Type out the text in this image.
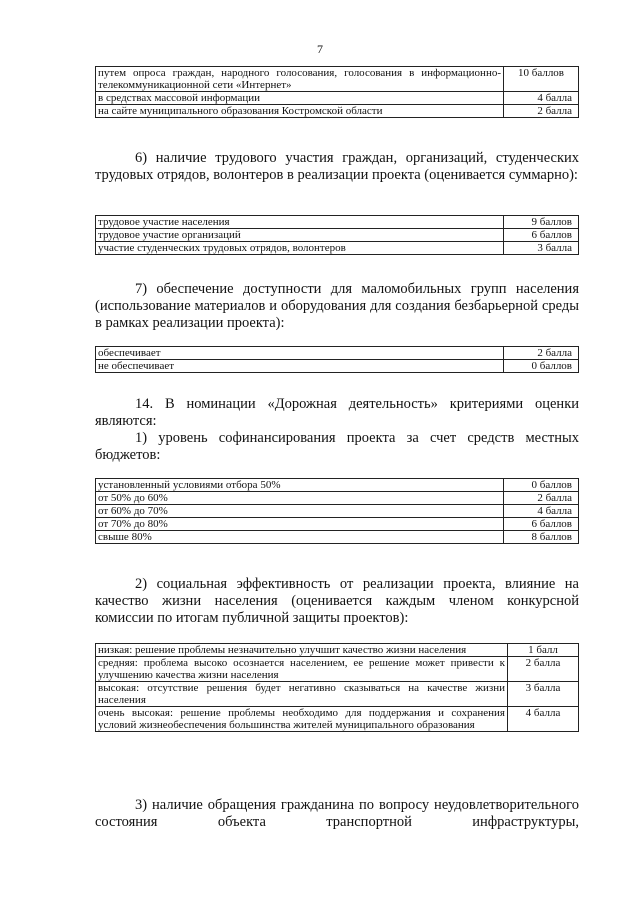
7
путем опроса граждан, народного голосования, голосования в информационно-телекоммуникационной сети «Интернет»	10 баллов
в средствах массовой информации	4 балла
на сайте муниципального образования Костромской области	2 балла

6) наличие трудового участия граждан, организаций, студенческих трудовых отрядов, волонтеров в реализации проекта (оценивается суммарно):

трудовое участие населения	9 баллов
трудовое участие организаций	6 баллов
участие студенческих трудовых отрядов, волонтеров	3 балла

7) обеспечение доступности для маломобильных групп населения (использование материалов и оборудования для создания безбарьерной среды в рамках реализации проекта):

обеспечивает	2 балла
не обеспечивает	0 баллов

14. В номинации «Дорожная деятельность» критериями оценки являются:

1) уровень софинансирования проекта за счет средств местных бюджетов:

установленный условиями отбора 50%	0 баллов
от 50% до 60%	2 балла
от 60% до 70%	4 балла
от 70% до 80%	6 баллов
свыше 80%	8 баллов

2) социальная эффективность от реализации проекта, влияние на качество жизни населения (оценивается каждым членом конкурсной комиссии по итогам публичной защиты проектов):

низкая: решение проблемы незначительно улучшит качество жизни населения	1 балл
средняя: проблема высоко осознается населением, ее решение может привести к улучшению качества жизни населения	2 балла
высокая: отсутствие решения будет негативно сказываться на качестве жизни населения	3 балла
очень высокая: решение проблемы необходимо для поддержания и сохранения условий жизнеобеспечения большинства жителей муниципального образования	4 балла

3) наличие обращения гражданина по вопросу неудовлетворительного состояния объекта транспортной инфраструктуры,
